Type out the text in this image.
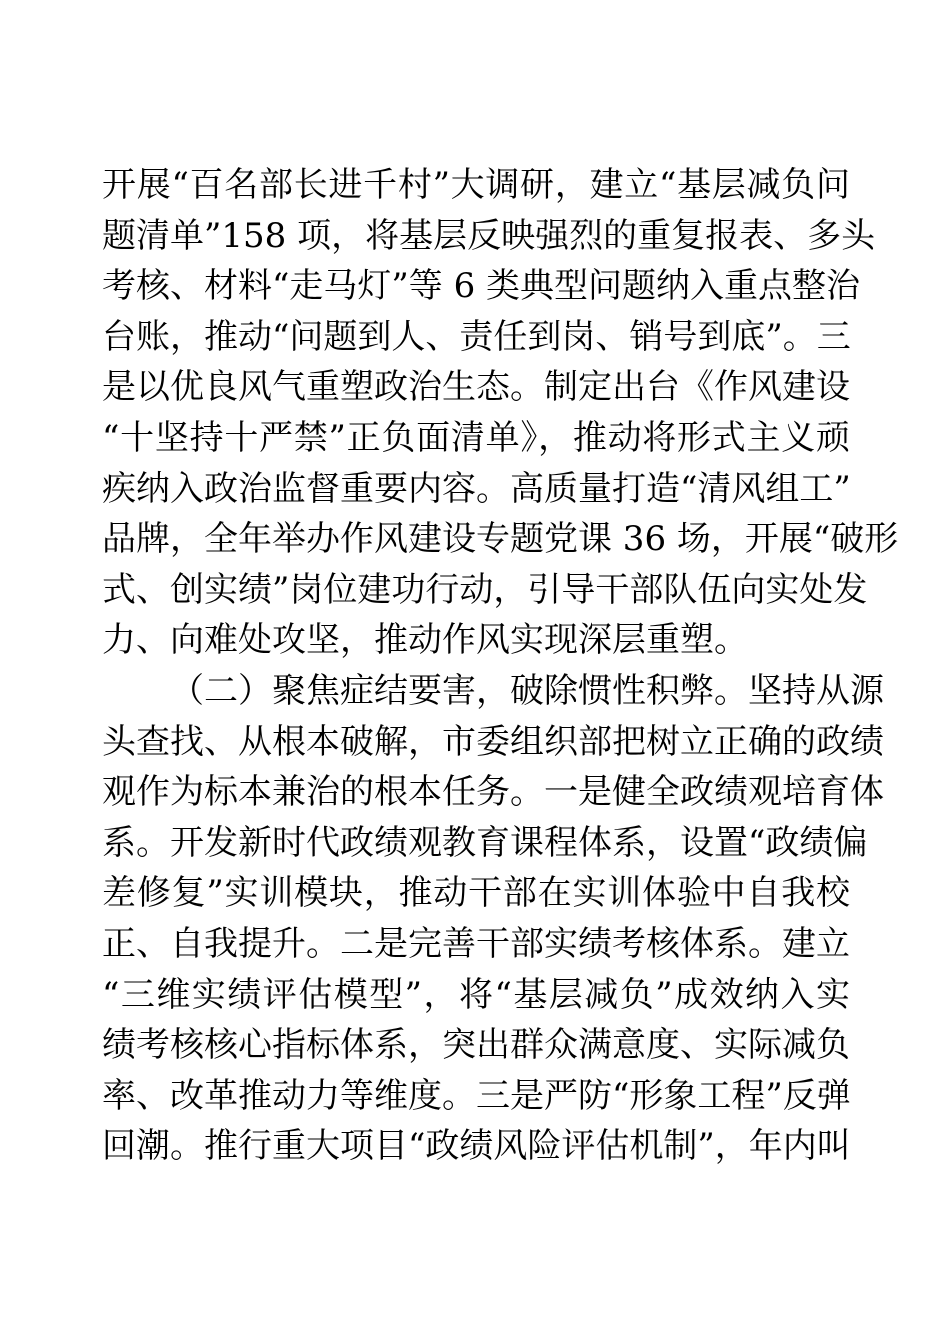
开展“百名部长进千村”大调研，建立“基层减负问
题清单”158 项，将基层反映强烈的重复报表、多头
考核、材料“走马灯”等 6 类典型问题纳入重点整治
台账，推动“问题到人、责任到岗、销号到底”。三
是以优良风气重塑政治生态。制定出台《作风建设
“十坚持十严禁”正负面清单》，推动将形式主义顽
疾纳入政治监督重要内容。高质量打造“清风组工”
品牌，全年举办作风建设专题党课 36 场，开展“破形
式、创实绩”岗位建功行动，引导干部队伍向实处发
力、向难处攻坚，推动作风实现深层重塑。
（二）聚焦症结要害，破除惯性积弊。坚持从源
头查找、从根本破解，市委组织部把树立正确的政绩
观作为标本兼治的根本任务。一是健全政绩观培育体
系。开发新时代政绩观教育课程体系，设置“政绩偏
差修复”实训模块，推动干部在实训体验中自我校
正、自我提升。二是完善干部实绩考核体系。建立
“三维实绩评估模型”，将“基层减负”成效纳入实
绩考核核心指标体系，突出群众满意度、实际减负
率、改革推动力等维度。三是严防“形象工程”反弹
回潮。推行重大项目“政绩风险评估机制”，年内叫
